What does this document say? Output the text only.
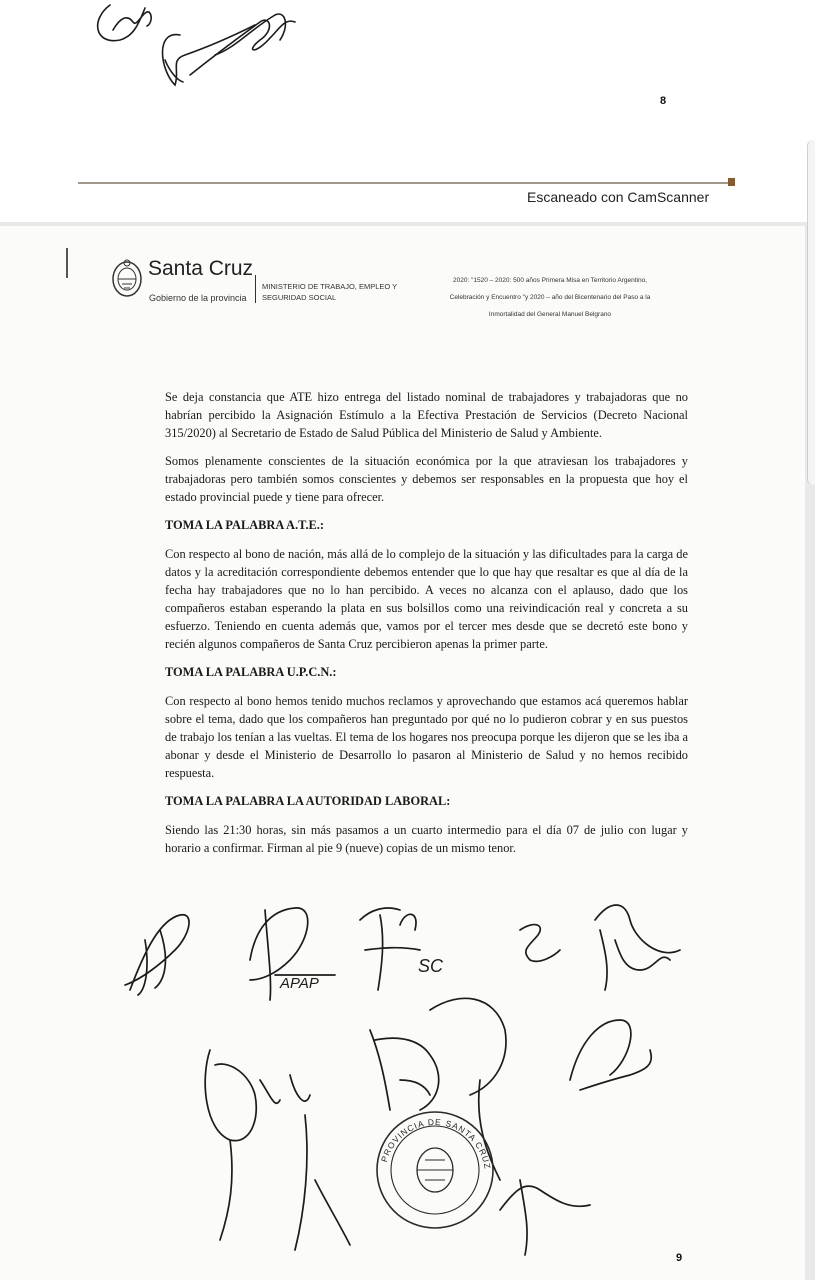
8
Escaneado con CamScanner
Santa Cruz
Gobierno de la provincia
MINISTERIO DE TRABAJO, EMPLEO Y SEGURIDAD SOCIAL
2020: "1520 – 2020: 500 años Primera Misa en Territorio Argentino,
Celebración y Encuentro "y 2020 – año del Bicentenario del Paso a la
Inmortalidad del General Manuel Belgrano

Se deja constancia que ATE hizo entrega del listado nominal de trabajadores y trabajadoras que no habrían percibido la Asignación Estímulo a la Efectiva Prestación de Servicios (Decreto Nacional 315/2020) al Secretario de Estado de Salud Pública del Ministerio de Salud y Ambiente.

Somos plenamente conscientes de la situación económica por la que atraviesan los trabajadores y trabajadoras pero también somos conscientes y debemos ser responsables en la propuesta que hoy el estado provincial puede y tiene para ofrecer.

TOMA LA PALABRA A.T.E.:

Con respecto al bono de nación, más allá de lo complejo de la situación y las dificultades para la carga de datos y la acreditación correspondiente debemos entender que lo que hay que resaltar es que al día de la fecha hay trabajadores que no lo han percibido. A veces no alcanza con el aplauso, dado que los compañeros estaban esperando la plata en sus bolsillos como una reivindicación real y concreta a su esfuerzo. Teniendo en cuenta además que, vamos por el tercer mes desde que se decretó este bono y recién algunos compañeros de Santa Cruz percibieron apenas la primer parte.

TOMA LA PALABRA U.P.C.N.:

Con respecto al bono hemos tenido muchos reclamos y aprovechando que estamos acá queremos hablar sobre el tema, dado que los compañeros han preguntado por qué no lo pudieron cobrar y en sus puestos de trabajo los tenían a las vueltas. El tema de los hogares nos preocupa porque les dijeron que se les iba a abonar y desde el Ministerio de Desarrollo lo pasaron al Ministerio de Salud y no hemos recibido respuesta.

TOMA LA PALABRA LA AUTORIDAD LABORAL:

Siendo las 21:30 horas, sin más pasamos a un cuarto intermedio para el día 07 de julio con lugar y horario a confirmar. Firman al pie 9 (nueve) copias de un mismo tenor.

PROVINCIA DE SANTA CRUZ
APAP
SC
9
